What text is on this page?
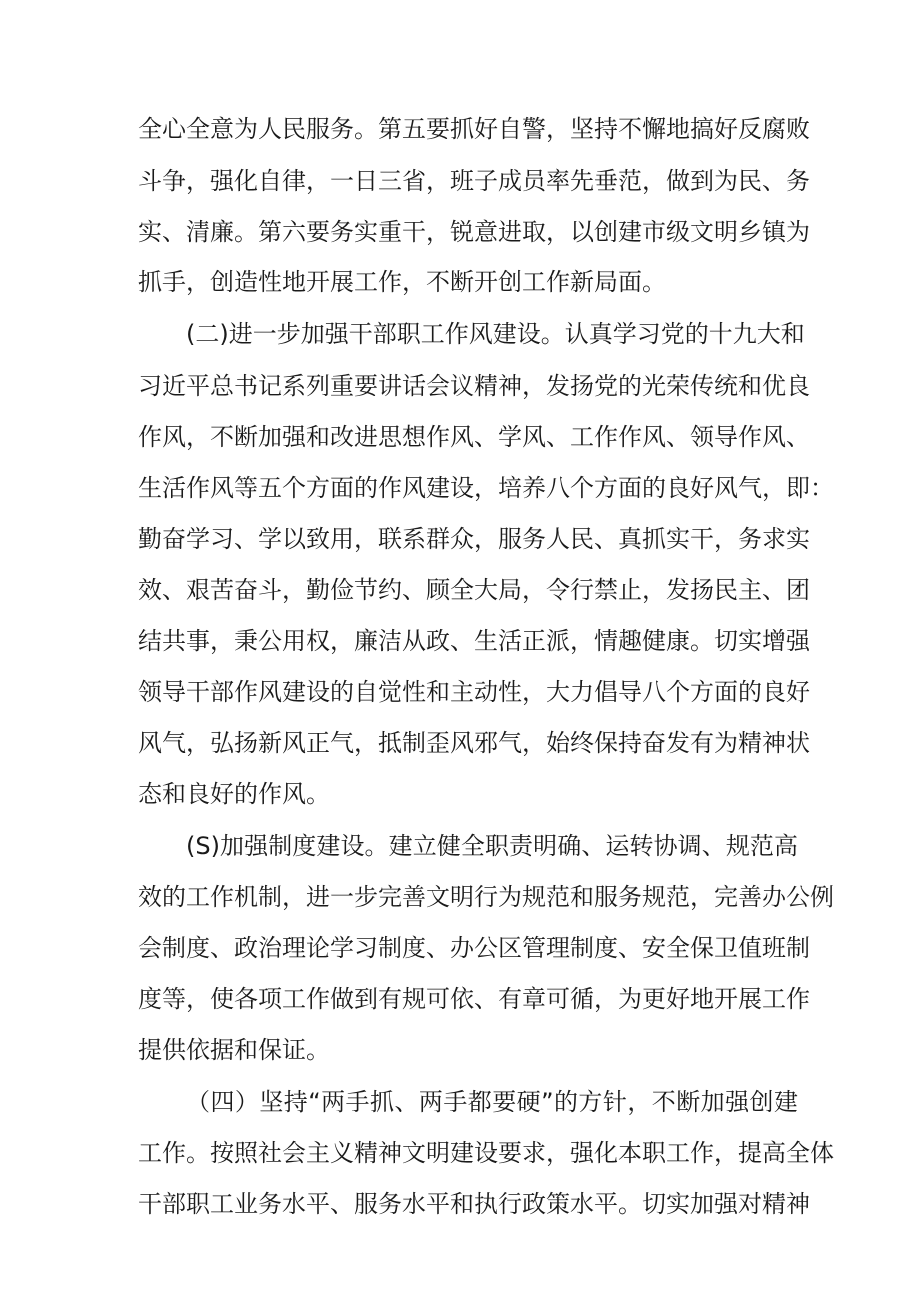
全心全意为人民服务。第五要抓好自警，坚持不懈地搞好反腐败
斗争，强化自律，一日三省，班子成员率先垂范，做到为民、务
实、清廉。第六要务实重干，锐意进取，以创建市级文明乡镇为
抓手，创造性地开展工作，不断开创工作新局面。
(二)进一步加强干部职工作风建设。认真学习党的十九大和
习近平总书记系列重要讲话会议精神，发扬党的光荣传统和优良
作风，不断加强和改进思想作风、学风、工作作风、领导作风、
生活作风等五个方面的作风建设，培养八个方面的良好风气，即：
勤奋学习、学以致用，联系群众，服务人民、真抓实干，务求实
效、艰苦奋斗，勤俭节约、顾全大局，令行禁止，发扬民主、团
结共事，秉公用权，廉洁从政、生活正派，情趣健康。切实增强
领导干部作风建设的自觉性和主动性，大力倡导八个方面的良好
风气，弘扬新风正气，抵制歪风邪气，始终保持奋发有为精神状
态和良好的作风。
(S)加强制度建设。建立健全职责明确、运转协调、规范高
效的工作机制，进一步完善文明行为规范和服务规范，完善办公例
会制度、政治理论学习制度、办公区管理制度、安全保卫值班制
度等，使各项工作做到有规可依、有章可循，为更好地开展工作
提供依据和保证。
（四）坚持“两手抓、两手都要硬”的方针，不断加强创建
工作。按照社会主义精神文明建设要求，强化本职工作，提高全体
干部职工业务水平、服务水平和执行政策水平。切实加强对精神
